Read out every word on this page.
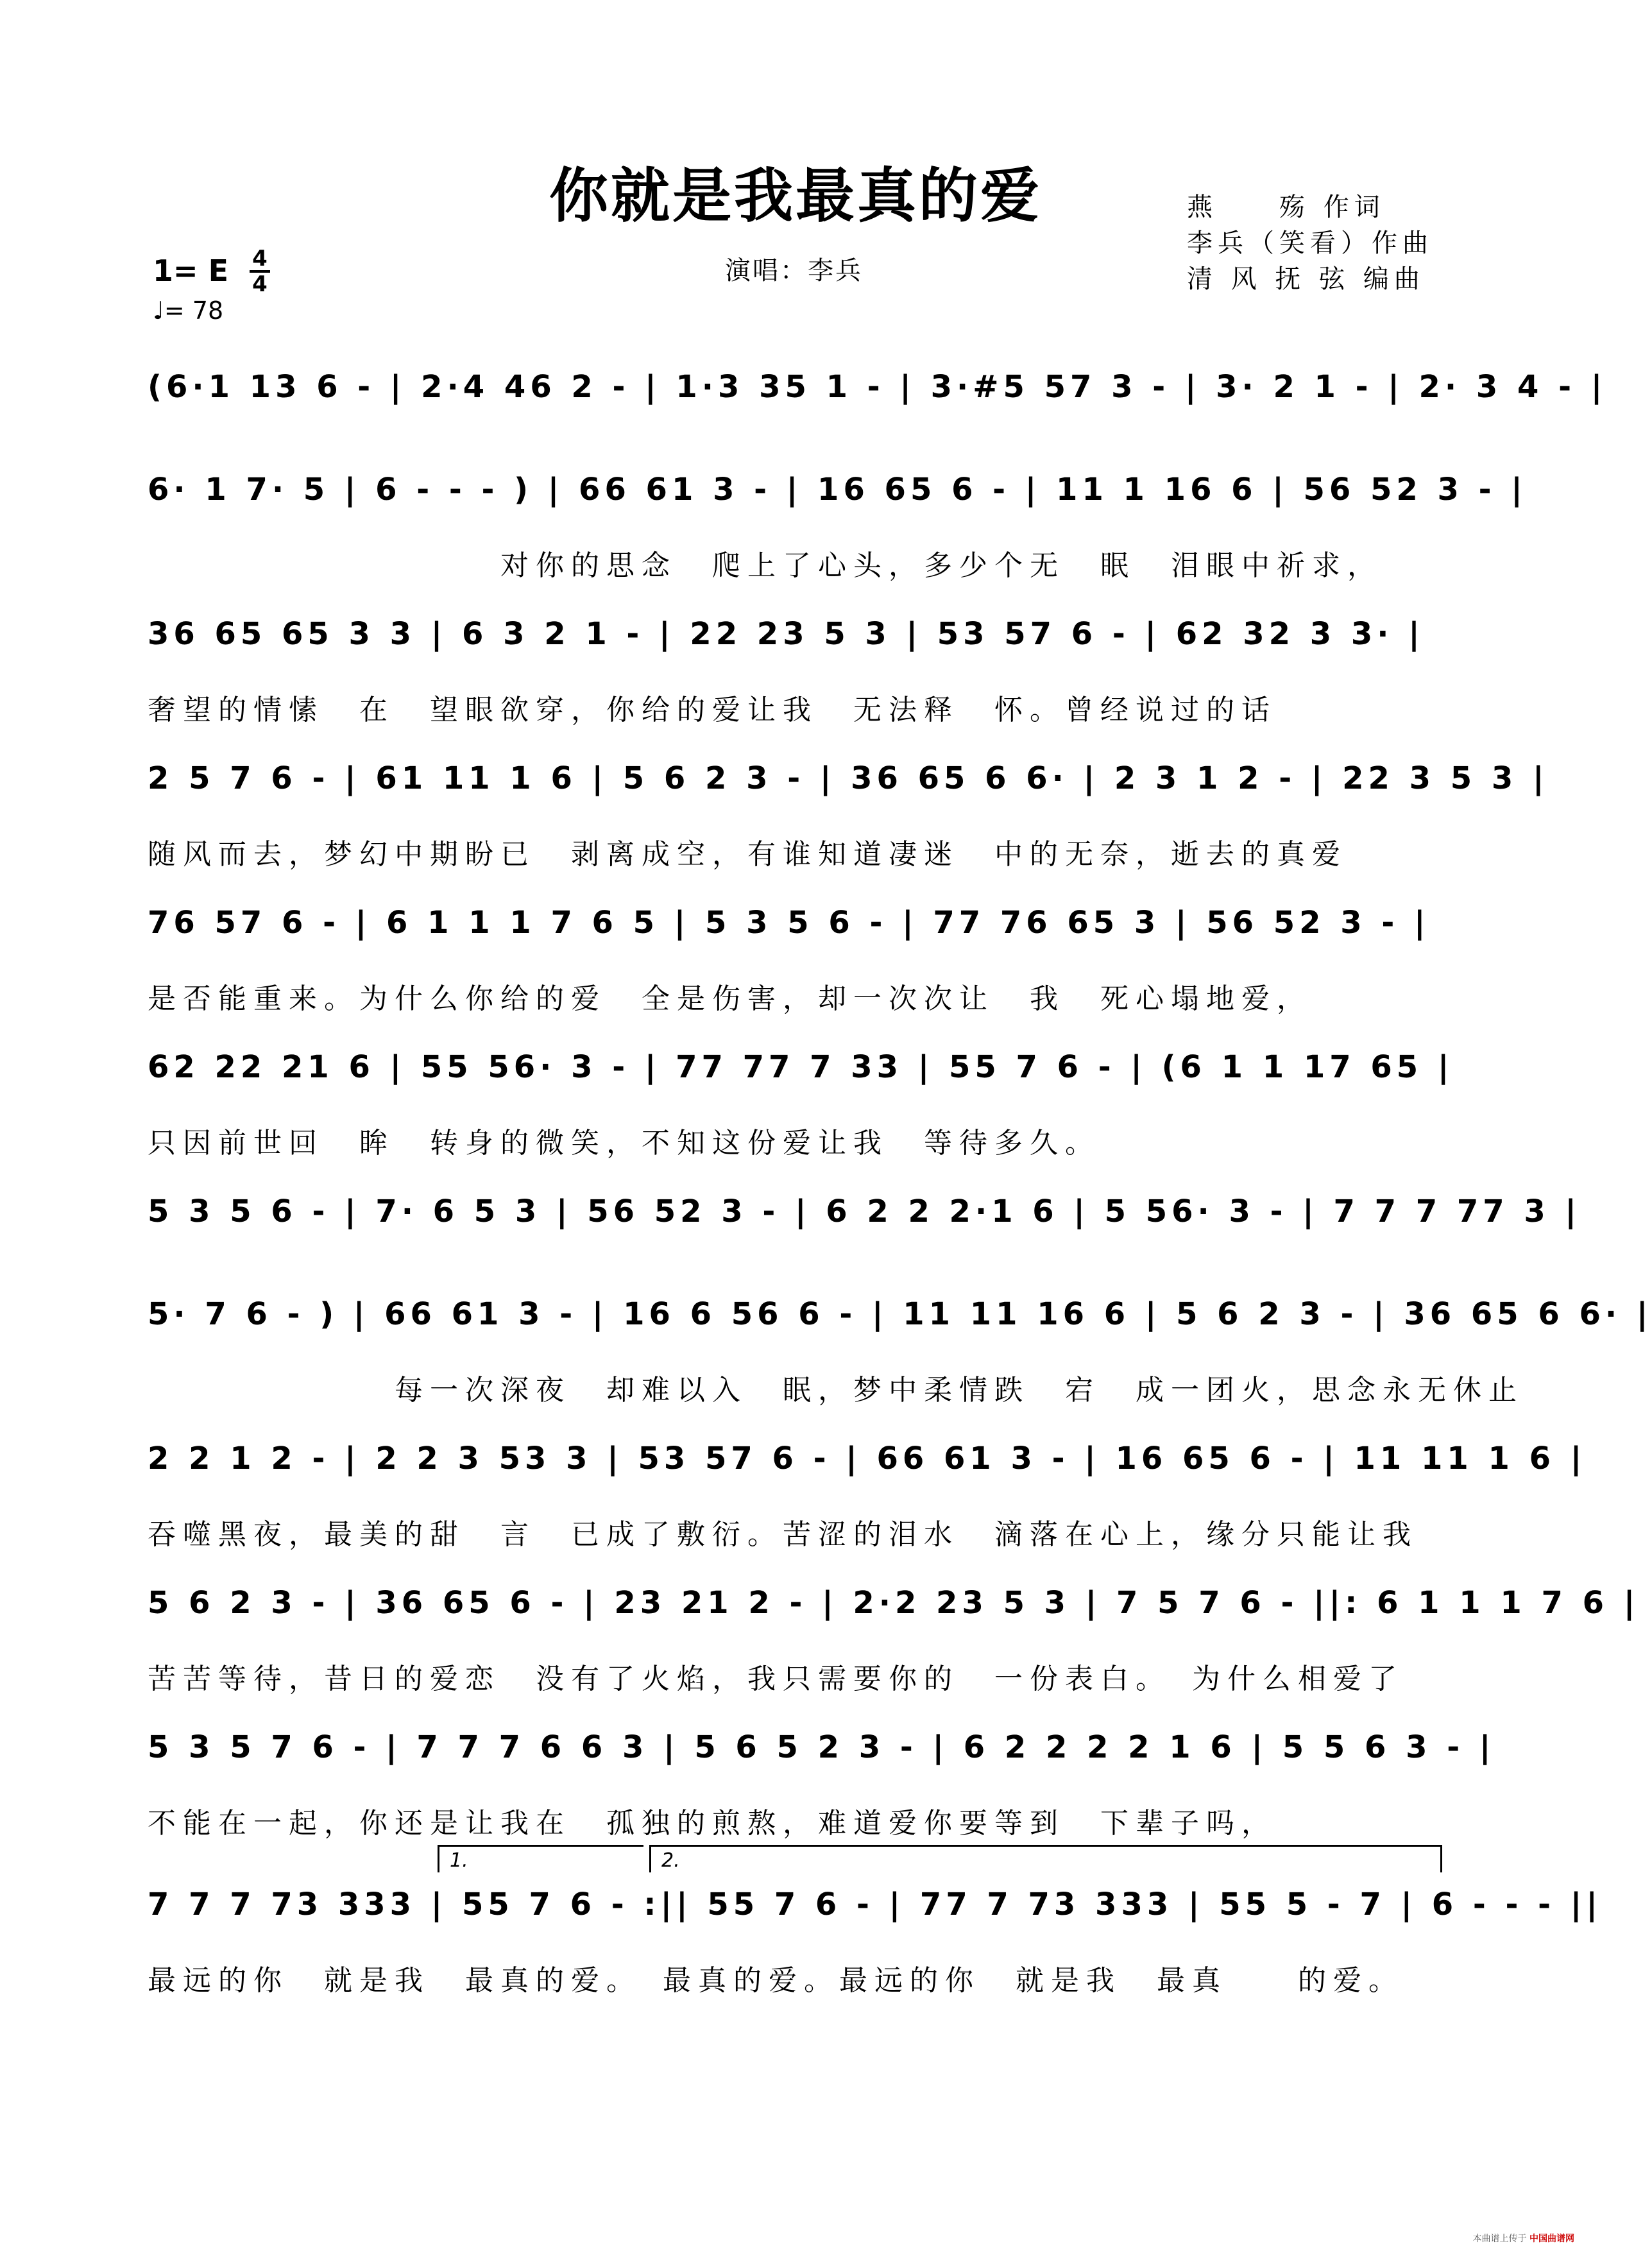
你就是我最真的爱	燕　　殇 作词
李兵（笑看）作曲
清 风 抚 弦 编曲
演唱：李兵
1= E 4
4
♩= 78
(6·1 13 6 - | 2·4 46 2 - | 1·3 35 1 - | 3·#5 57 3 - | 3· 2 1 - | 2· 3 4 - |
6· 1 7· 5 | 6 - - - ) | 66 61 3 - | 16 65 6 - | 11 1 16 6 | 56 52 3 - |
　　　　　　　　　　对你的思念　爬上了心头，多少个无　眠　泪眼中祈求，
36 65 65 3 3 | 6 3 2 1 - | 22 23 5 3 | 53 57 6 - | 62 32 3 3· |
奢望的情愫　在　望眼欲穿，你给的爱让我　无法释　怀。曾经说过的话
2 5 7 6 - | 61 11 1 6 | 5 6 2 3 - | 36 65 6 6· | 2 3 1 2 - | 22 3 5 3 |
随风而去，梦幻中期盼已　剥离成空，有谁知道凄迷　中的无奈，逝去的真爱
76 57 6 - | 6 1 1 1 7 6 5 | 5 3 5 6 - | 77 76 65 3 | 56 52 3 - |
是否能重来。为什么你给的爱　全是伤害，却一次次让　我　死心塌地爱，
62 22 21 6 | 55 56· 3 - | 77 77 7 33 | 55 7 6 - | (6 1 1 17 65 |
只因前世回　眸　转身的微笑，不知这份爱让我　等待多久。
5 3 5 6 - | 7· 6 5 3 | 56 52 3 - | 6 2 2 2·1 6 | 5 56· 3 - | 7 7 7 77 3 |
5· 7 6 - ) | 66 61 3 - | 16 6 56 6 - | 11 11 16 6 | 5 6 2 3 - | 36 65 6 6· |
　　　　　　　每一次深夜　却难以入　眠，梦中柔情跌　宕　成一团火，思念永无休止
2 2 1 2 - | 2 2 3 53 3 | 53 57 6 - | 66 61 3 - | 16 65 6 - | 11 11 1 6 |
吞噬黑夜，最美的甜　言　已成了敷衍。苦涩的泪水　滴落在心上，缘分只能让我
5 6 2 3 - | 36 65 6 - | 23 21 2 - | 2·2 23 5 3 | 7 5 7 6 - ||: 6 1 1 1 7 6 |
苦苦等待，昔日的爱恋　没有了火焰，我只需要你的　一份表白。　为什么相爱了
5 3 5 7 6 - | 7 7 7 6 6 3 | 5 6 5 2 3 - | 6 2 2 2 2 1 6 | 5 5 6 3 - |
不能在一起，你还是让我在　孤独的煎熬，难道爱你要等到　下辈子吗，
1.	2.
7 7 7 73 333 | 55 7 6 - :|| 55 7 6 - | 77 7 73 333 | 55 5 - 7 | 6 - - - ||
最远的你　就是我　最真的爱。　最真的爱。最远的你　就是我　最真　　的爱。
本曲谱上传于 中国曲谱网
